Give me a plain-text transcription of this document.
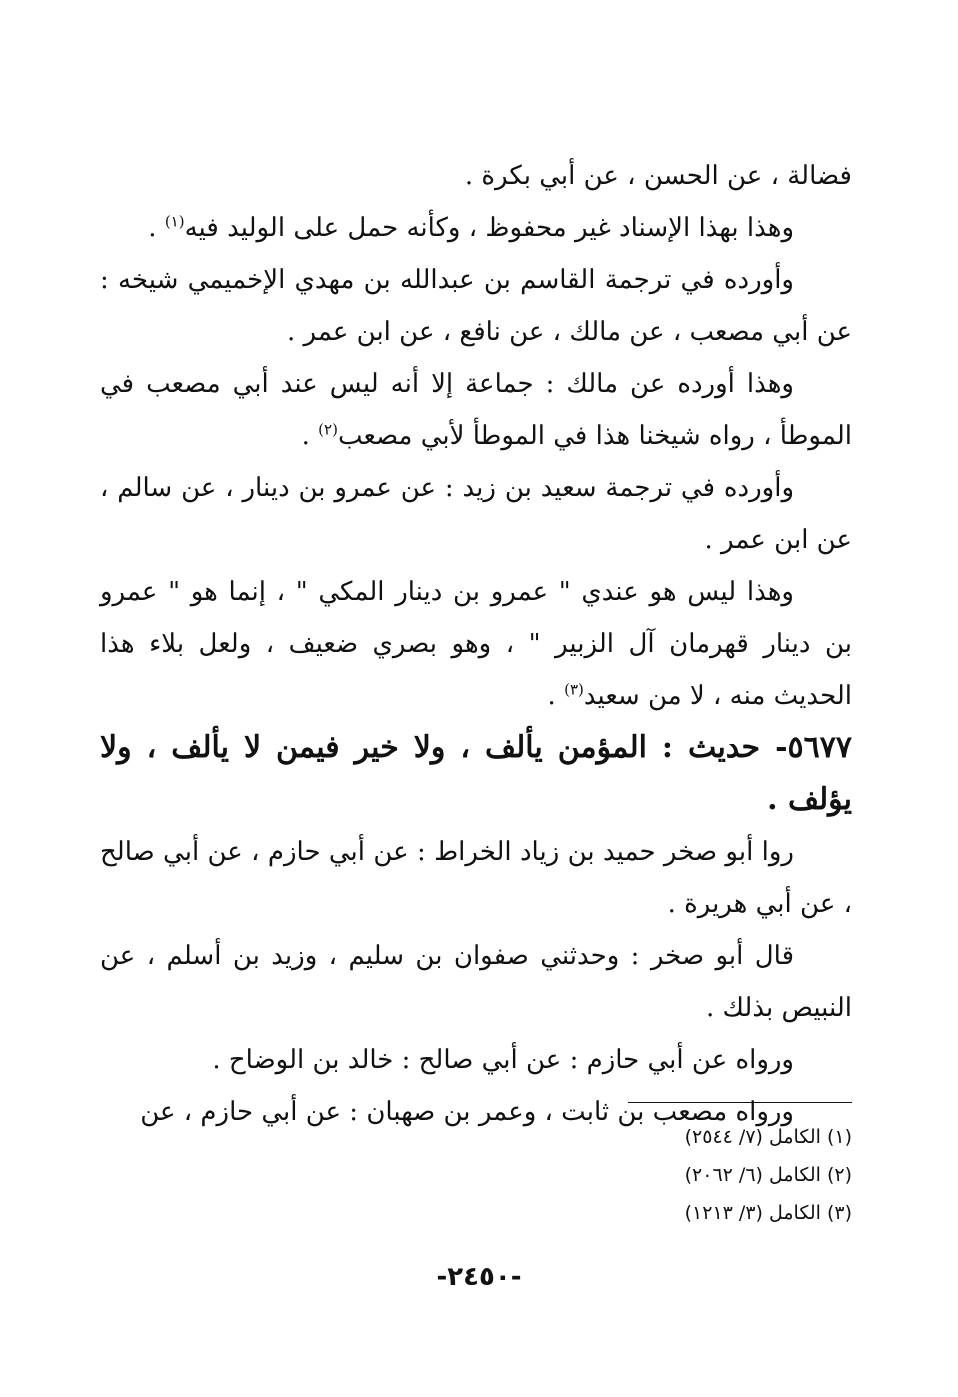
فضالة ، عن الحسن ، عن أبي بكرة .

وهذا بهذا الإسناد غير محفوظ ، وكأنه حمل على الوليد فيه$^{(١)}$ .

وأورده في ترجمة القاسم بن عبدالله بن مهدي الإخميمي شيخه : عن أبي مصعب ، عن مالك ، عن نافع ، عن ابن عمر .

وهذا أورده عن مالك : جماعة إلا أنه ليس عند أبي مصعب في الموطأ ، رواه شيخنا هذا في الموطأ لأبي مصعب$^{(٢)}$ .

وأورده في ترجمة سعيد بن زيد : عن عمرو بن دينار ، عن سالم ، عن ابن عمر .

وهذا ليس هو عندي " عمرو بن دينار المكي " ، إنما هو " عمرو بن دينار قهرمان آل الزبير " ، وهو بصري ضعيف ، ولعل بلاء هذا الحديث منه ، لا من سعيد$^{(٣)}$ .

٥٦٧٧- حديث : المؤمن يألف ، ولا خير فيمن لا يألف ، ولا يؤلف .

روا أبو صخر حميد بن زياد الخراط : عن أبي حازم ، عن أبي صالح ، عن أبي هريرة .

قال أبو صخر : وحدثني صفوان بن سليم ، وزيد بن أسلم ، عن النبيص بذلك .

ورواه عن أبي حازم : عن أبي صالح : خالد بن الوضاح .

ورواه مصعب بن ثابت ، وعمر بن صهبان : عن أبي حازم ، عن

(١) الكامل (٧/ ٢٥٤٤)

(٢) الكامل (٦/ ٢٠٦٢)

(٣) الكامل (٣/ ١٢١٣)

-٢٤٥٠-
